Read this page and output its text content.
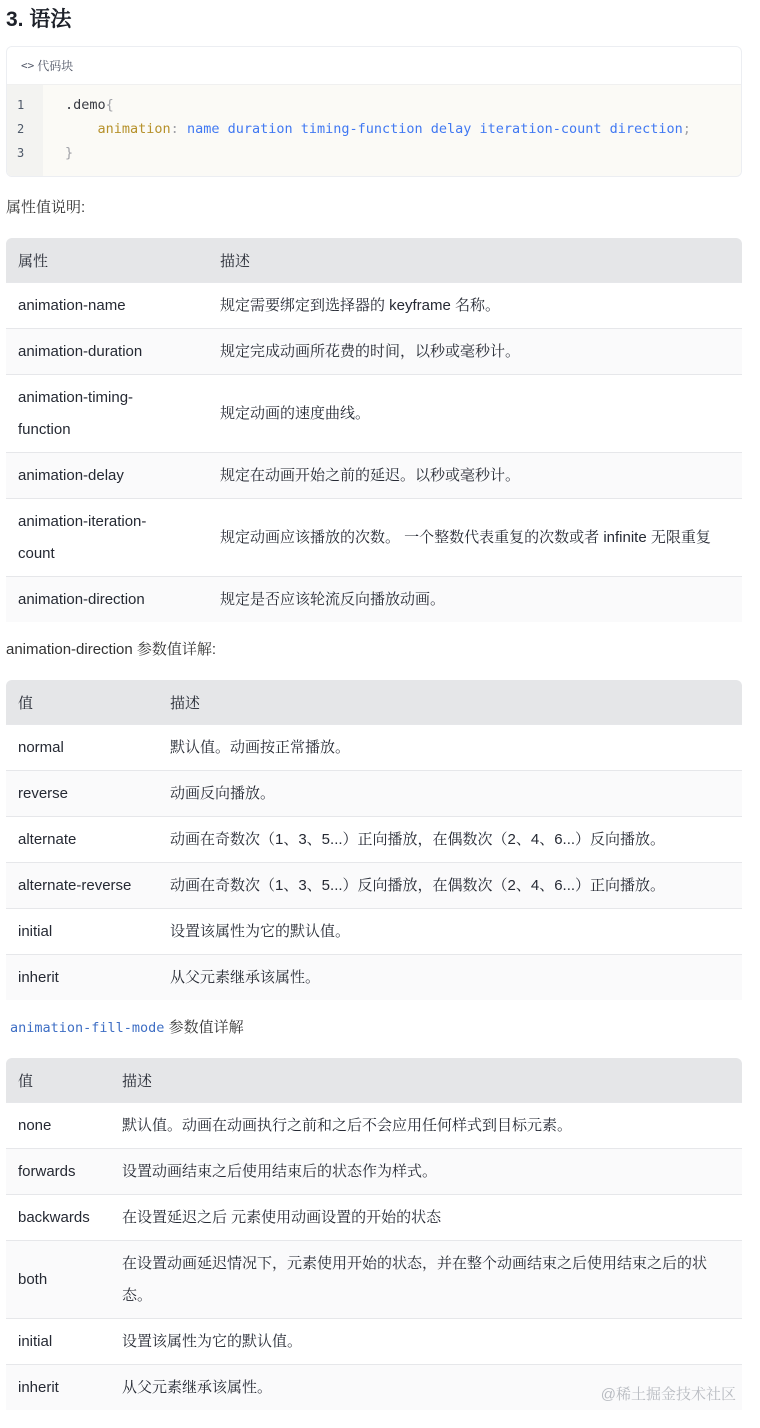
3. 语法
<> 代码块
1
2
3
.demo{
animation: name duration timing-function delay iteration-count direction;
}

属性值说明:

属性	描述
animation-name	规定需要绑定到选择器的 keyframe 名称。
animation-duration	规定完成动画所花费的时间，以秒或毫秒计。
animation-timing-function	规定动画的速度曲线。
animation-delay	规定在动画开始之前的延迟。以秒或毫秒计。
animation-iteration-count	规定动画应该播放的次数。 一个整数代表重复的次数或者 infinite 无限重复
animation-direction	规定是否应该轮流反向播放动画。

animation-direction 参数值详解:

值	描述
normal	默认值。动画按正常播放。
reverse	动画反向播放。
alternate	动画在奇数次（1、3、5...）正向播放，在偶数次（2、4、6...）反向播放。
alternate-reverse	动画在奇数次（1、3、5...）反向播放，在偶数次（2、4、6...）正向播放。
initial	设置该属性为它的默认值。
inherit	从父元素继承该属性。

animation-fill-mode 参数值详解

值	描述
none	默认值。动画在动画执行之前和之后不会应用任何样式到目标元素。
forwards	设置动画结束之后使用结束后的状态作为样式。
backwards	在设置延迟之后 元素使用动画设置的开始的状态
both	在设置动画延迟情况下，元素使用开始的状态，并在整个动画结束之后使用结束之后的状态。
initial	设置该属性为它的默认值。
inherit	从父元素继承该属性。	@稀土掘金技术社区
